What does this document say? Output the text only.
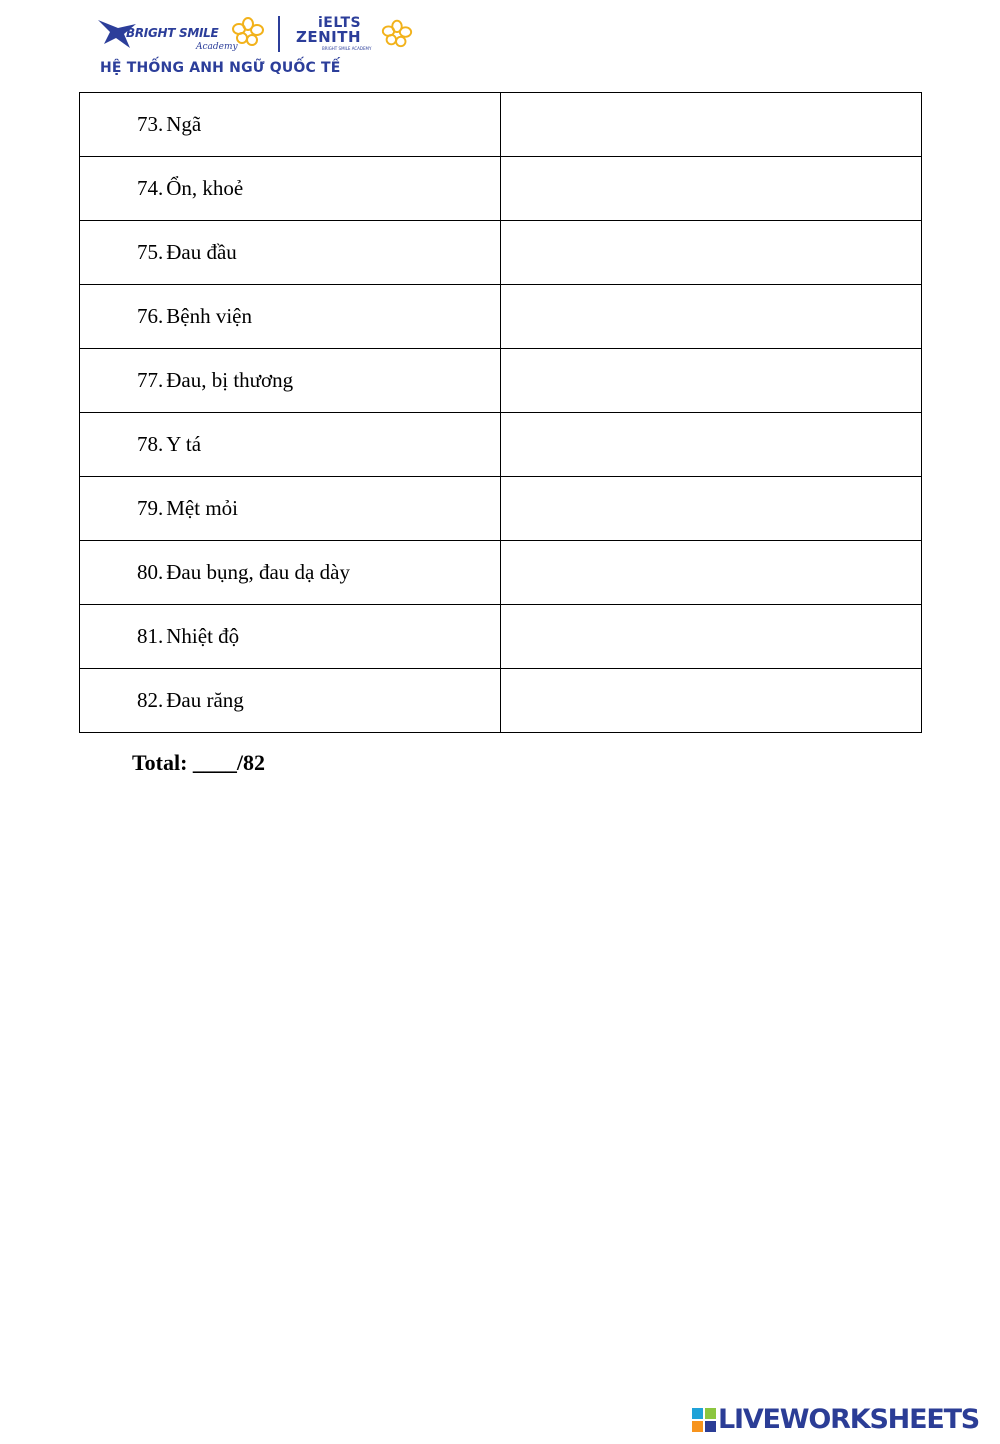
BRIGHT SMILE
Academy
iELTS
ZENITH
BRIGHT SMILE ACADEMY
HỆ THỐNG ANH NGỮ QUỐC TẾ
73. Ngã	
74. Ổn, khoẻ	
75. Đau đầu	
76. Bệnh viện	
77. Đau, bị thương	
78. Y tá	
79. Mệt mỏi	
80. Đau bụng, đau dạ dày	
81. Nhiệt độ	
82. Đau răng	
Total: ____/82
LIVEWORKSHEETS
